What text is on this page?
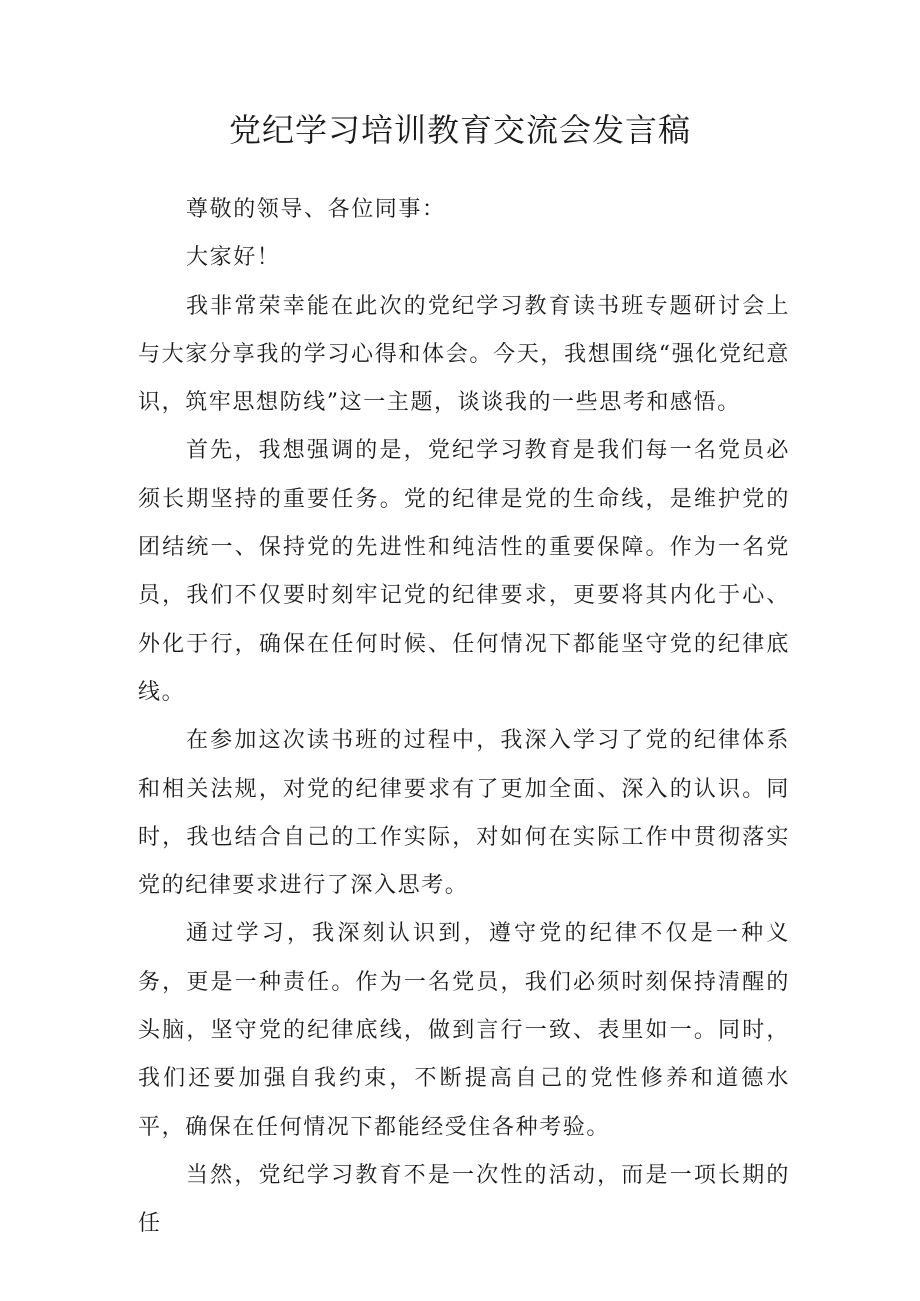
党纪学习培训教育交流会发言稿

尊敬的领导、各位同事：

大家好！

我非常荣幸能在此次的党纪学习教育读书班专题研讨会上与大家分享我的学习心得和体会。今天，我想围绕“强化党纪意识，筑牢思想防线”这一主题，谈谈我的一些思考和感悟。

首先，我想强调的是，党纪学习教育是我们每一名党员必须长期坚持的重要任务。党的纪律是党的生命线，是维护党的团结统一、保持党的先进性和纯洁性的重要保障。作为一名党员，我们不仅要时刻牢记党的纪律要求，更要将其内化于心、外化于行，确保在任何时候、任何情况下都能坚守党的纪律底线。

在参加这次读书班的过程中，我深入学习了党的纪律体系和相关法规，对党的纪律要求有了更加全面、深入的认识。同时，我也结合自己的工作实际，对如何在实际工作中贯彻落实党的纪律要求进行了深入思考。

通过学习，我深刻认识到，遵守党的纪律不仅是一种义务，更是一种责任。作为一名党员，我们必须时刻保持清醒的头脑，坚守党的纪律底线，做到言行一致、表里如一。同时，我们还要加强自我约束，不断提高自己的党性修养和道德水平，确保在任何情况下都能经受住各种考验。

当然，党纪学习教育不是一次性的活动，而是一项长期的任
